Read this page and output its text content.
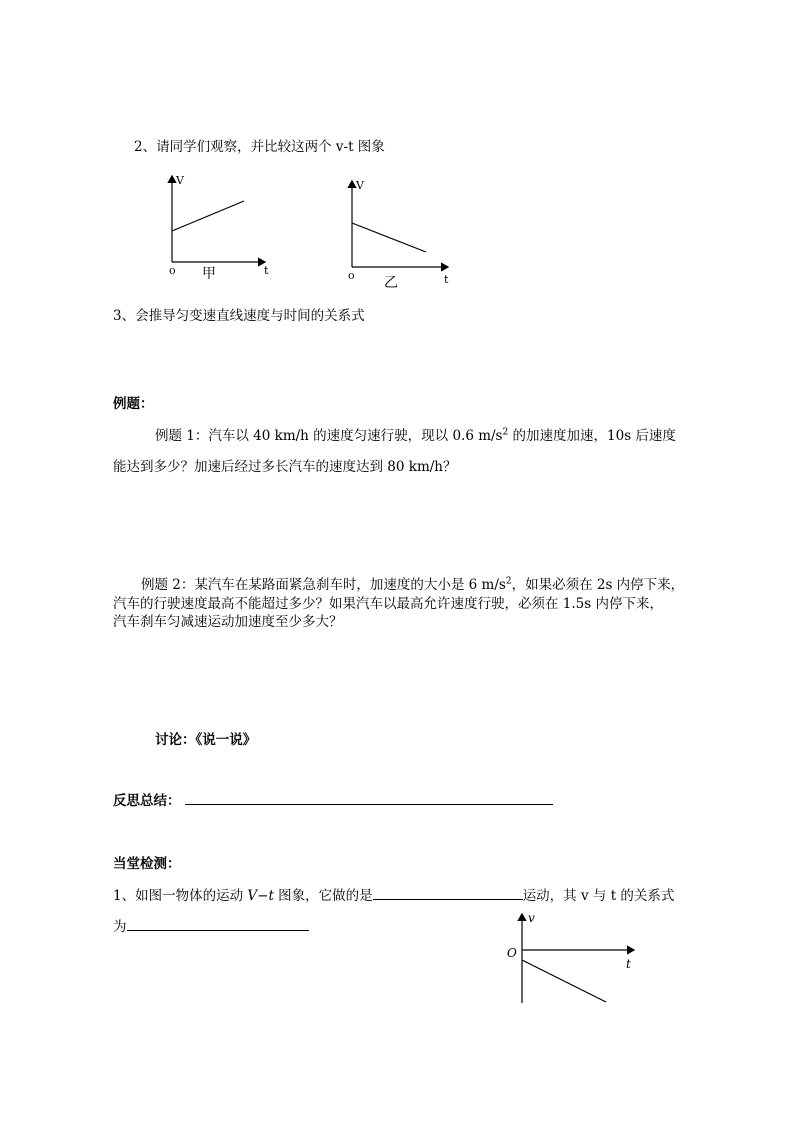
2、请同学们观察，并比较这两个 v-t 图象
V
o	t
甲
V
o	t
乙
3、会推导匀变速直线速度与时间的关系式
例题：
例题 1：汽车以 40 km/h 的速度匀速行驶，现以 0.6 $m/s^2$ 的加速度加速，10s 后速度
能达到多少？加速后经过多长汽车的速度达到 80 km/h？
例题 2：某汽车在某路面紧急刹车时，加速度的大小是 6 $m/s^2$，如果必须在 2s 内停下来，
汽车的行驶速度最高不能超过多少？如果汽车以最高允许速度行驶，必须在 1.5s 内停下来，
汽车刹车匀减速运动加速度至少多大？
讨论：《说一说》
反思总结：
当堂检测：
1、如图一物体的运动 V−t 图象，它做的是	运动，其 v 与 t 的关系式
为
v
O
t
